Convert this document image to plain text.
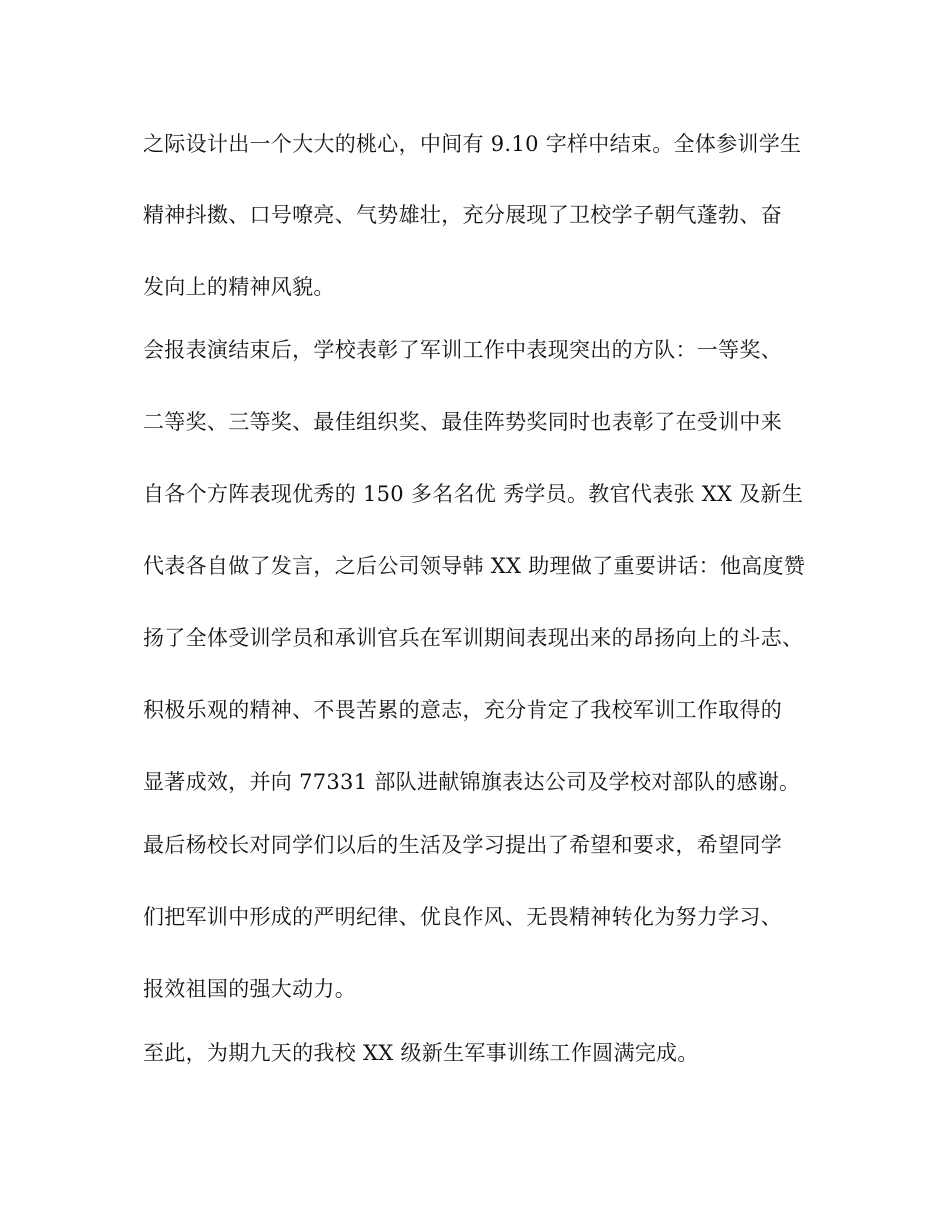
之际设计出一个大大的桃心，中间有 9.10 字样中结束。全体参训学生
精神抖擞、口号嘹亮、气势雄壮，充分展现了卫校学子朝气蓬勃、奋
发向上的精神风貌。
会报表演结束后，学校表彰了军训工作中表现突出的方队：一等奖、
二等奖、三等奖、最佳组织奖、最佳阵势奖同时也表彰了在受训中来
自各个方阵表现优秀的 150 多名名优 秀学员。教官代表张 XX 及新生
代表各自做了发言，之后公司领导韩 XX 助理做了重要讲话：他高度赞
扬了全体受训学员和承训官兵在军训期间表现出来的昂扬向上的斗志、
积极乐观的精神、不畏苦累的意志，充分肯定了我校军训工作取得的
显著成效，并向 77331 部队进献锦旗表达公司及学校对部队的感谢。
最后杨校长对同学们以后的生活及学习提出了希望和要求，希望同学
们把军训中形成的严明纪律、优良作风、无畏精神转化为努力学习、
报效祖国的强大动力。
至此，为期九天的我校 XX 级新生军事训练工作圆满完成。
